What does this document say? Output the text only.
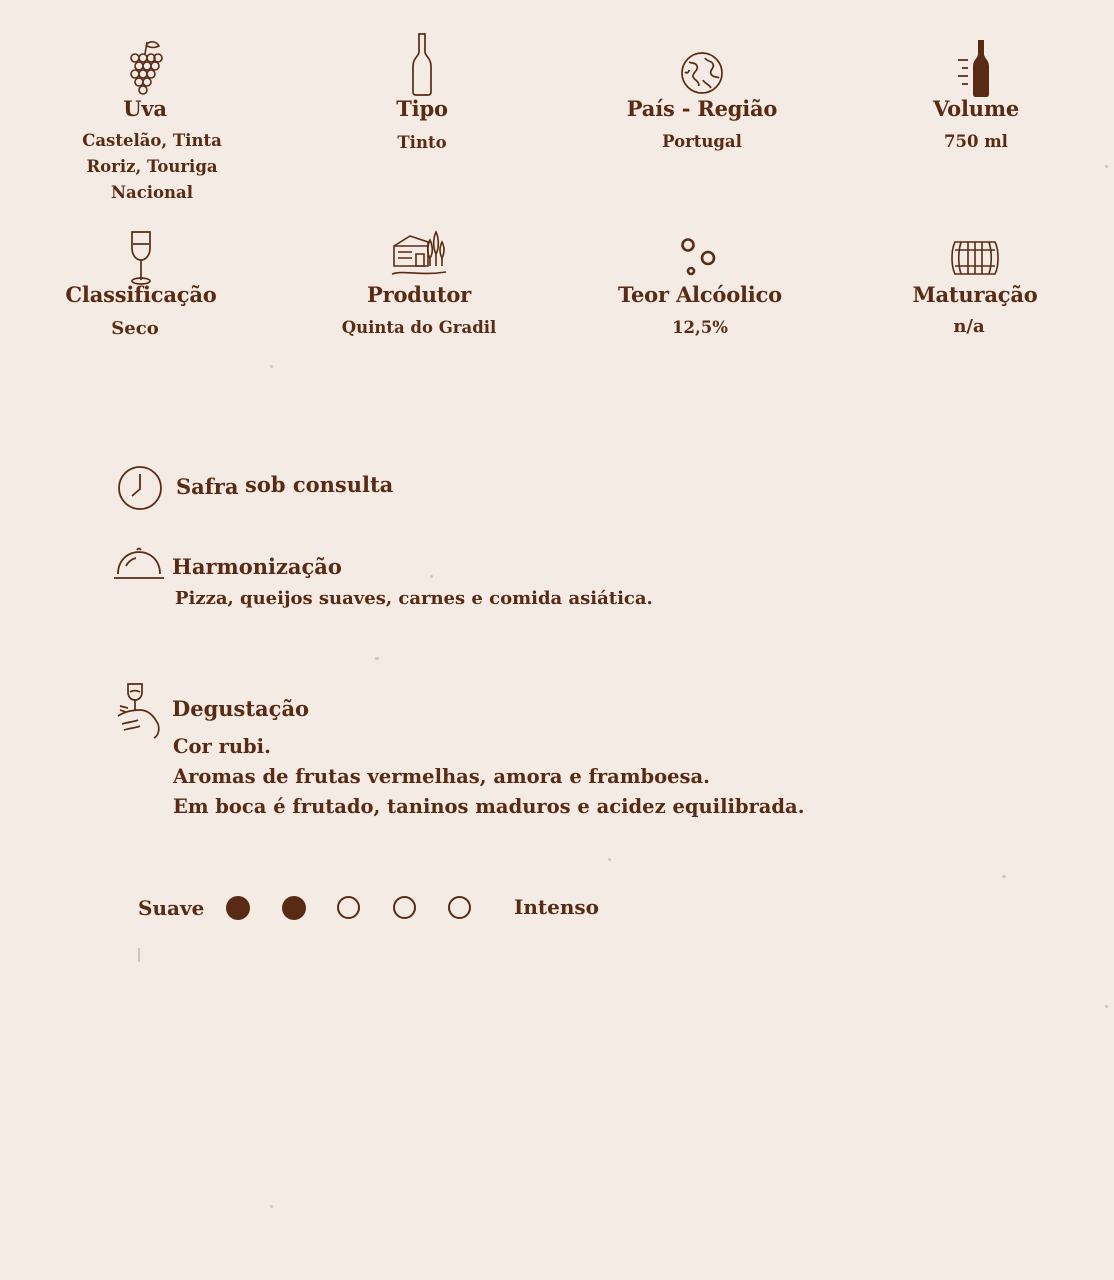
Uva
Castelão, Tinta Roriz, Touriga Nacional
Tipo
Tinto
País - Região
Portugal
Volume
750 ml
Classificação
Seco
Produtor
Quinta do Gradil
Teor Alcóolico
12,5%
Maturação
n/a
Safra sob consulta
Harmonização
Pizza, queijos suaves, carnes e comida asiática.
Degustação
Cor rubi.
Aromas de frutas vermelhas, amora e framboesa.
Em boca é frutado, taninos maduros e acidez equilibrada.
Suave	Intenso
